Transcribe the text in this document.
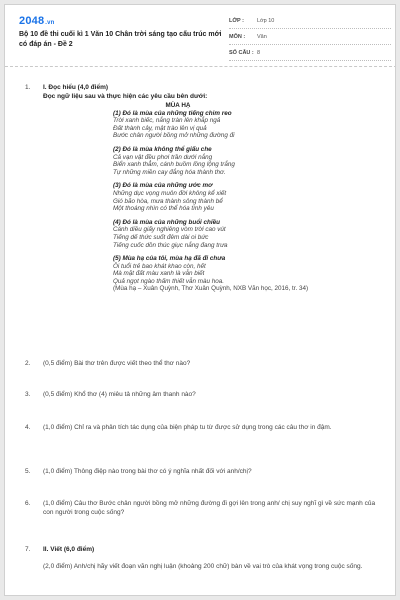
2048.vn
Bộ 10 đề thi cuối kì 1 Văn 10 Chân trời sáng tạo cấu trúc mới có đáp án - Đề 2
LỚP :	Lớp 10
MÔN :	Văn
SỐ CÂU : 8
1. I. Đọc hiểu (4,0 điểm)
Đọc ngữ liệu sau và thực hiện các yêu cầu bên dưới:
MÙA HẠ
(1) Đó là mùa của những tiếng chim reo
Trời xanh biếc, nắng tràn lên khắp ngả
Đất thành cây, mật trào lên vị quả
Bước chân người bồng mở những đường đi
(2) Đó là mùa không thể giấu che
Cả vạn vật đều phơi trần dưới nắng
Biển xanh thẳm, cánh buồm lồng lộng trắng
Tự những miền cay đắng hóa thành thơ.
(3) Đó là mùa của những ước mơ
Những dục vọng muôn đời không kể xiết
Gió bão hòa, mưa thành sông thành bể
Một thoáng nhìn có thể hóa tình yêu
(4) Đó là mùa của những buổi chiều
Cánh diều giấy nghiêng vòm trời cao vút
Tiếng dế thức suốt đêm dài oi bức
Tiếng cuốc dồn thúc giục nắng đang trưa
(5) Mùa hạ của tôi, mùa hạ đã đi chưa
Ôi tuổi trẻ bao khát khao còn, hết
Mà mặt đất màu xanh là vẫn biết
Quả ngọt ngào thấm thiết vẫn màu hoa.
(Mùa hạ – Xuân Quỳnh, Thơ Xuân Quỳnh, NXB Văn học, 2016, tr. 34)
2. (0,5 điểm) Bài thơ trên được viết theo thể thơ nào?
3. (0,5 điểm) Khổ thơ (4) miêu tả những âm thanh nào?
4. (1,0 điểm) Chỉ ra và phân tích tác dụng của biện pháp tu từ được sử dụng trong các câu thơ in đậm.
5. (1,0 điểm) Thông điệp nào trong bài thơ có ý nghĩa nhất đối với anh/chị?
6. (1,0 điểm) Câu thơ Bước chân người bồng mở những đường đi gợi lên trong anh/ chị suy nghĩ gì về sức mạnh của con người trong cuộc sống?
7. II. Viết (6,0 điểm)
(2,0 điểm) Anh/chị hãy viết đoạn văn nghị luận (khoảng 200 chữ) bàn về vai trò của khát vọng trong cuộc sống.
